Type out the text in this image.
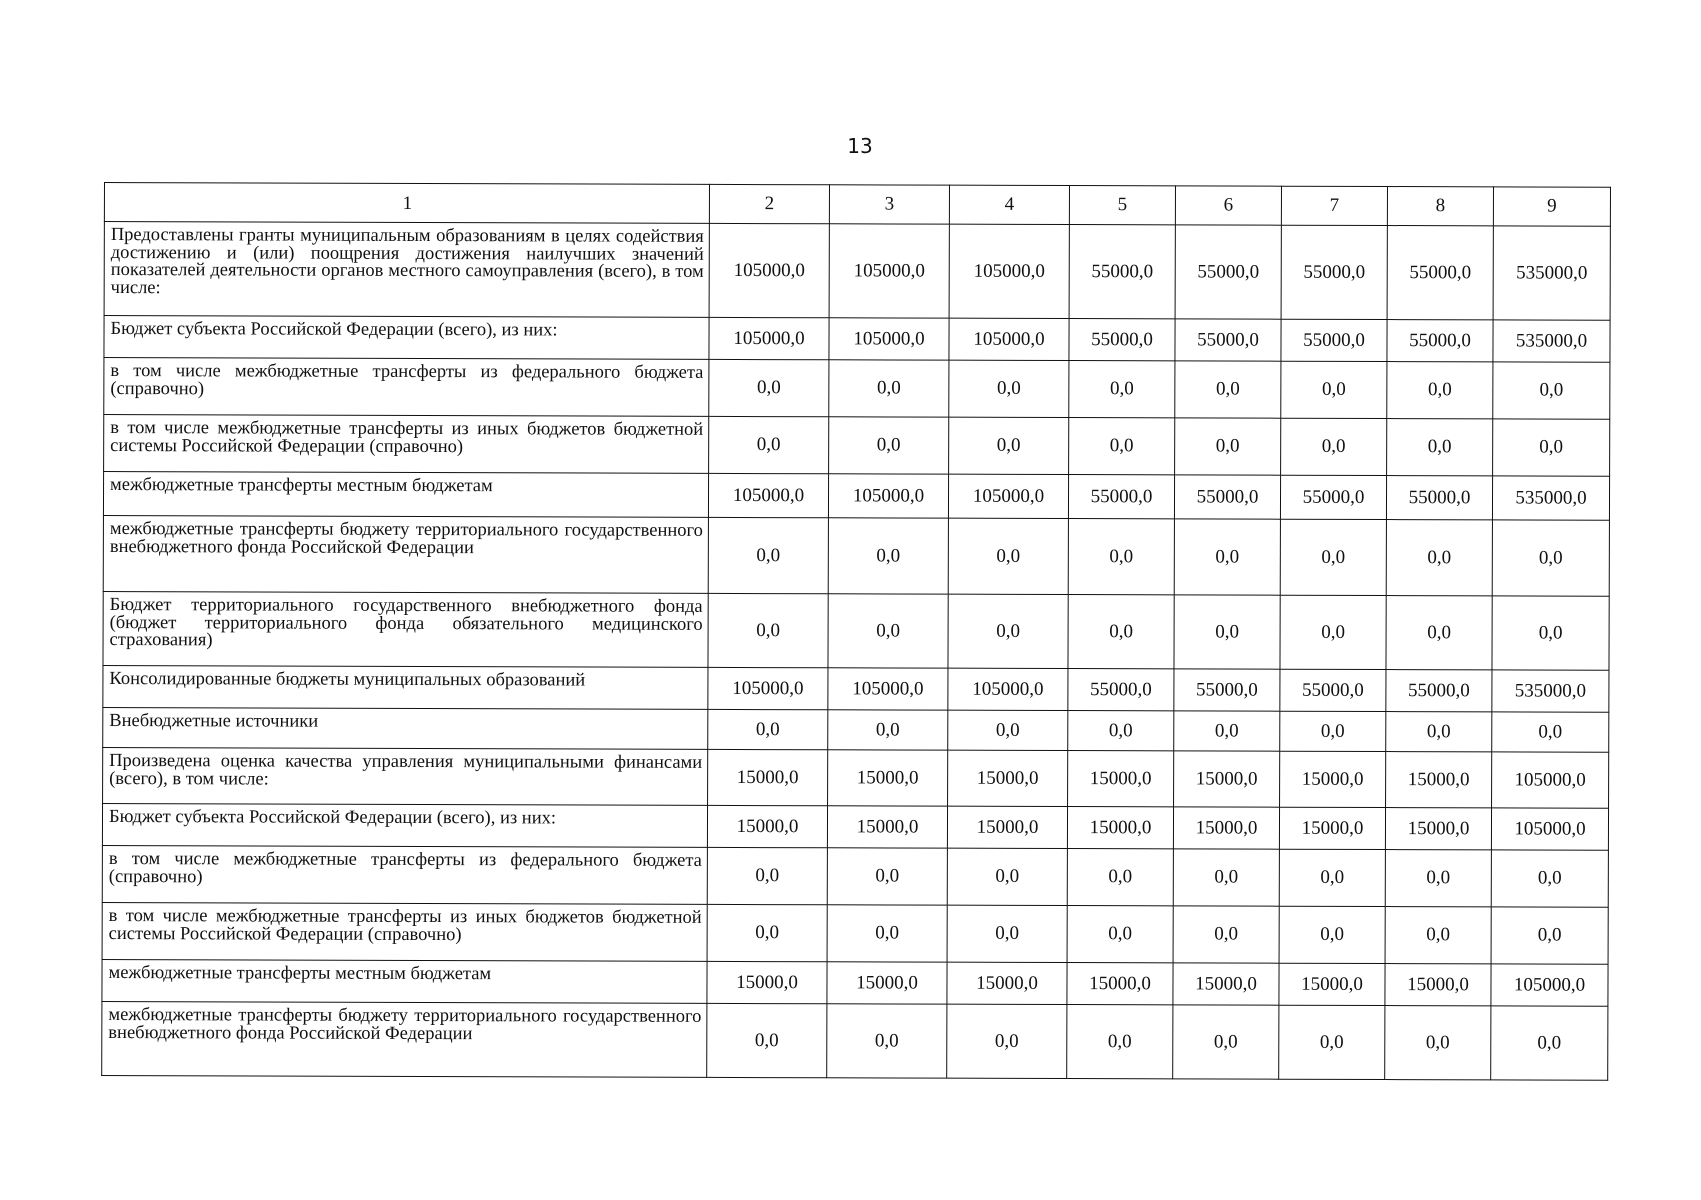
13
1	2	3	4	5	6	7	8	9
Предоставлены гранты муниципальным образованиям в целях содействия достижению и (или) поощрения достижения наилучших значений показателей деятельности органов местного самоуправления (всего), в том числе:	105000,0	105000,0	105000,0	55000,0	55000,0	55000,0	55000,0	535000,0
Бюджет субъекта Российской Федерации (всего), из них:	105000,0	105000,0	105000,0	55000,0	55000,0	55000,0	55000,0	535000,0
в том числе межбюджетные трансферты из федерального бюджета (справочно)	0,0	0,0	0,0	0,0	0,0	0,0	0,0	0,0
в том числе межбюджетные трансферты из иных бюджетов бюджетной системы Российской Федерации (справочно)	0,0	0,0	0,0	0,0	0,0	0,0	0,0	0,0
межбюджетные трансферты местным бюджетам	105000,0	105000,0	105000,0	55000,0	55000,0	55000,0	55000,0	535000,0
межбюджетные трансферты бюджету территориального государственного внебюджетного фонда Российской Федерации	0,0	0,0	0,0	0,0	0,0	0,0	0,0	0,0
Бюджет территориального государственного внебюджетного фонда (бюджет территориального фонда обязательного медицинского страхования)	0,0	0,0	0,0	0,0	0,0	0,0	0,0	0,0
Консолидированные бюджеты муниципальных образований	105000,0	105000,0	105000,0	55000,0	55000,0	55000,0	55000,0	535000,0
Внебюджетные источники	0,0	0,0	0,0	0,0	0,0	0,0	0,0	0,0
Произведена оценка качества управления муниципальными финансами (всего), в том числе:	15000,0	15000,0	15000,0	15000,0	15000,0	15000,0	15000,0	105000,0
Бюджет субъекта Российской Федерации (всего), из них:	15000,0	15000,0	15000,0	15000,0	15000,0	15000,0	15000,0	105000,0
в том числе межбюджетные трансферты из федерального бюджета (справочно)	0,0	0,0	0,0	0,0	0,0	0,0	0,0	0,0
в том числе межбюджетные трансферты из иных бюджетов бюджетной системы Российской Федерации (справочно)	0,0	0,0	0,0	0,0	0,0	0,0	0,0	0,0
межбюджетные трансферты местным бюджетам	15000,0	15000,0	15000,0	15000,0	15000,0	15000,0	15000,0	105000,0
межбюджетные трансферты бюджету территориального государственного внебюджетного фонда Российской Федерации	0,0	0,0	0,0	0,0	0,0	0,0	0,0	0,0
